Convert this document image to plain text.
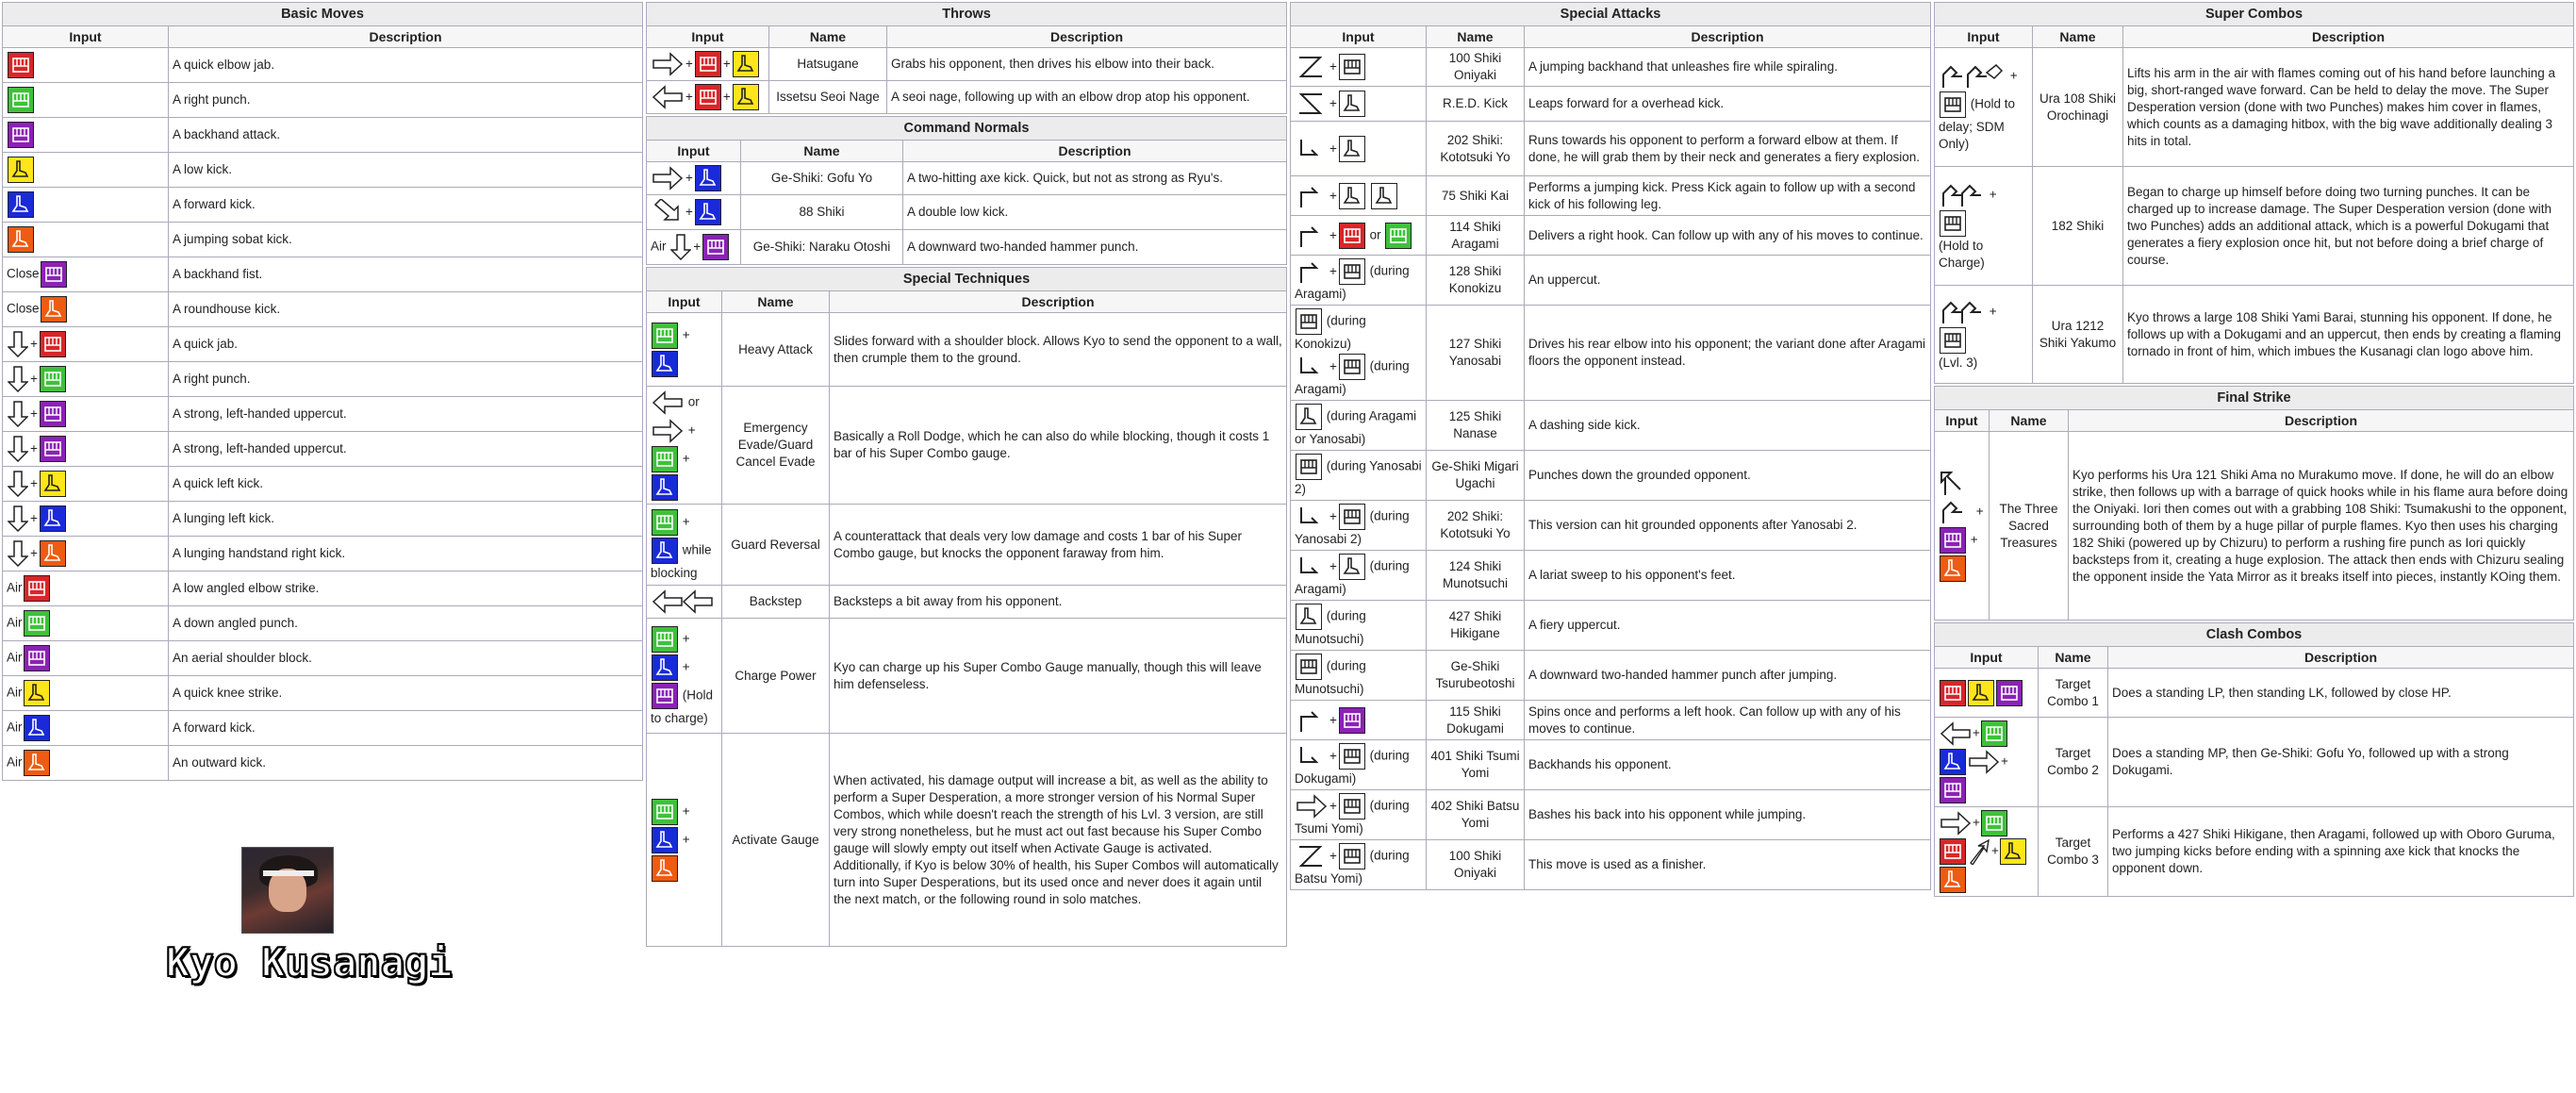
Basic Moves	
Input	Description

	A quick elbow jab.

	A right punch.

	A backhand attack.

	A low kick.

	A forward kick.

	A jumping sobat kick.
Close	A backhand fist.
Close	A roundhouse kick.
+	A quick jab.
+	A right punch.
+	A strong, left-handed uppercut.
+	A strong, left-handed uppercut.
+	A quick left kick.
+	A lunging left kick.
+	A lunging handstand right kick.
Air	A low angled elbow strike.
Air	A down angled punch.
Air	An aerial shoulder block.
Air	A quick knee strike.
Air	A forward kick.
Air	An outward kick.
Kyo Kusanagi
Throws		
Input	Name	Description
+ +	Hatsugane	Grabs his opponent, then drives his elbow into their back.
+ +	Issetsu Seoi Nage	A seoi nage, following up with an elbow drop atop his opponent.
Command Normals		
Input	Name	Description
+	Ge-Shiki: Gofu Yo	A two-hitting axe kick. Quick, but not as strong as Ryu's.
+	88 Shiki	A double low kick.
Air +	Ge-Shiki: Naraku Otoshi	A downward two-handed hammer punch.
Special Techniques		
Input	Name	Description

+	Heavy Attack	Slides forward with a shoulder block. Allows Kyo to send the opponent to a wall, then crumple them to the ground.
or
+

+	Emergency Evade/Guard Cancel Evade	Basically a Roll Dodge, which he can also do while blocking, though it costs 1 bar of his Super Combo gauge.

+

while blocking	Guard Reversal	A counterattack that deals very low damage and costs 1 bar of his Super Combo gauge, but knocks the opponent faraway from him.
	Backstep	Backsteps a bit away from his opponent.

+

+

(Hold to charge)	Charge Power	Kyo can charge up his Super Combo Gauge manually, though this will leave him defenseless.

+

+	Activate Gauge	When activated, his damage output will increase a bit, as well as the ability to perform a Super Desperation, a more stronger version of his Normal Super Combos, which while doesn't reach the strength of his Lvl. 3 version, are still very strong nonetheless, but he must act out fast because his Super Combo gauge will slowly empty out itself when Activate Gauge is activated. Additionally, if Kyo is below 30% of health, his Super Combos will automatically turn into Super Desperations, but its used once and never does it again until the next match, or the following round in solo matches.
Special Attacks		
Input	Name	Description
+	100 Shiki Oniyaki	A jumping backhand that unleashes fire while spiraling.
+	R.E.D. Kick	Leaps forward for a overhead kick.
+	202 Shiki: Kototsuki Yo	Runs towards his opponent to perform a forward elbow at them. If done, he will grab them by their neck and generates a fiery explosion.
+	75 Shiki Kai	Performs a jumping kick. Press Kick again to follow up with a second kick of his following leg.
+ or	114 Shiki Aragami	Delivers a right hook. Can follow up with any of his moves to continue.
+ (during Aragami)	128 Shiki Konokizu	An uppercut.

(during Konokizu)
+ (during Aragami)	127 Shiki Yanosabi	Drives his rear elbow into his opponent; the variant done after Aragami floors the opponent instead.

(during Aragami or Yanosabi)	125 Shiki Nanase	A dashing side kick.

(during Yanosabi 2)	Ge-Shiki Migari Ugachi	Punches down the grounded opponent.
+ (during Yanosabi 2)	202 Shiki: Kototsuki Yo	This version can hit grounded opponents after Yanosabi 2.
+ (during Aragami)	124 Shiki Munotsuchi	A lariat sweep to his opponent's feet.

(during Munotsuchi)	427 Shiki Hikigane	A fiery uppercut.

(during Munotsuchi)	Ge-Shiki Tsurubeotoshi	A downward two-handed hammer punch after jumping.
+	115 Shiki Dokugami	Spins once and performs a left hook. Can follow up with any of his moves to continue.
+ (during Dokugami)	401 Shiki Tsumi Yomi	Backhands his opponent.
+ (during Tsumi Yomi)	402 Shiki Batsu Yomi	Bashes his back into his opponent while jumping.
+ (during Batsu Yomi)	100 Shiki Oniyaki	This move is used as a finisher.
Super Combos		
Input	Name	Description
+

(Hold to delay; SDM Only)	Ura 108 Shiki Orochinagi	Lifts his arm in the air with flames coming out of his hand before launching a big, short-ranged wave forward. Can be held to delay the move. The Super Desperation version (done with two Punches) makes him cover in flames, which counts as a damaging hitbox, with the big wave additionally dealing 3 hits in total.
+

(Hold to Charge)	182 Shiki	Began to charge up himself before doing two turning punches. It can be charged up to increase damage. The Super Desperation version (done with two Punches) adds an additional attack, which is a powerful Dokugami that generates a fiery explosion once hit, but not before doing a brief charge of course.
+

(Lvl. 3)	Ura 1212 Shiki Yakumo	Kyo throws a large 108 Shiki Yami Barai, stunning his opponent. If done, he follows up with a Dokugami and an uppercut, then ends by creating a flaming tornado in front of him, which imbues the Kusanagi clan logo above him.
Final Strike		
Input	Name	Description

+

+	The Three Sacred Treasures	Kyo performs his Ura 121 Shiki Ama no Murakumo move. If done, he will do an elbow strike, then follows up with a barrage of quick hooks while in his flame aura before doing the Oniyaki. Iori then comes out with a grabbing 108 Shiki: Tsumakushi to the opponent, surrounding both of them by a huge pillar of purple flames. Kyo then uses his charging 182 Shiki (powered up by Chizuru) to perform a rushing fire punch as Iori quickly backsteps from it, creating a huge explosion. The attack then ends with Chizuru sealing the opponent inside the Yata Mirror as it breaks itself into pieces, instantly KOing them.
Clash Combos		
Input	Name	Description

	Target Combo 1	Does a standing LP, then standing LK, followed by close HP.
+

+	Target Combo 2	Does a standing MP, then Ge-Shiki: Gofu Yo, followed up with a strong Dokugami.
+

+	Target Combo 3	Performs a 427 Shiki Hikigane, then Aragami, followed up with Oboro Guruma, two jumping kicks before ending with a spinning axe kick that knocks the opponent down.
